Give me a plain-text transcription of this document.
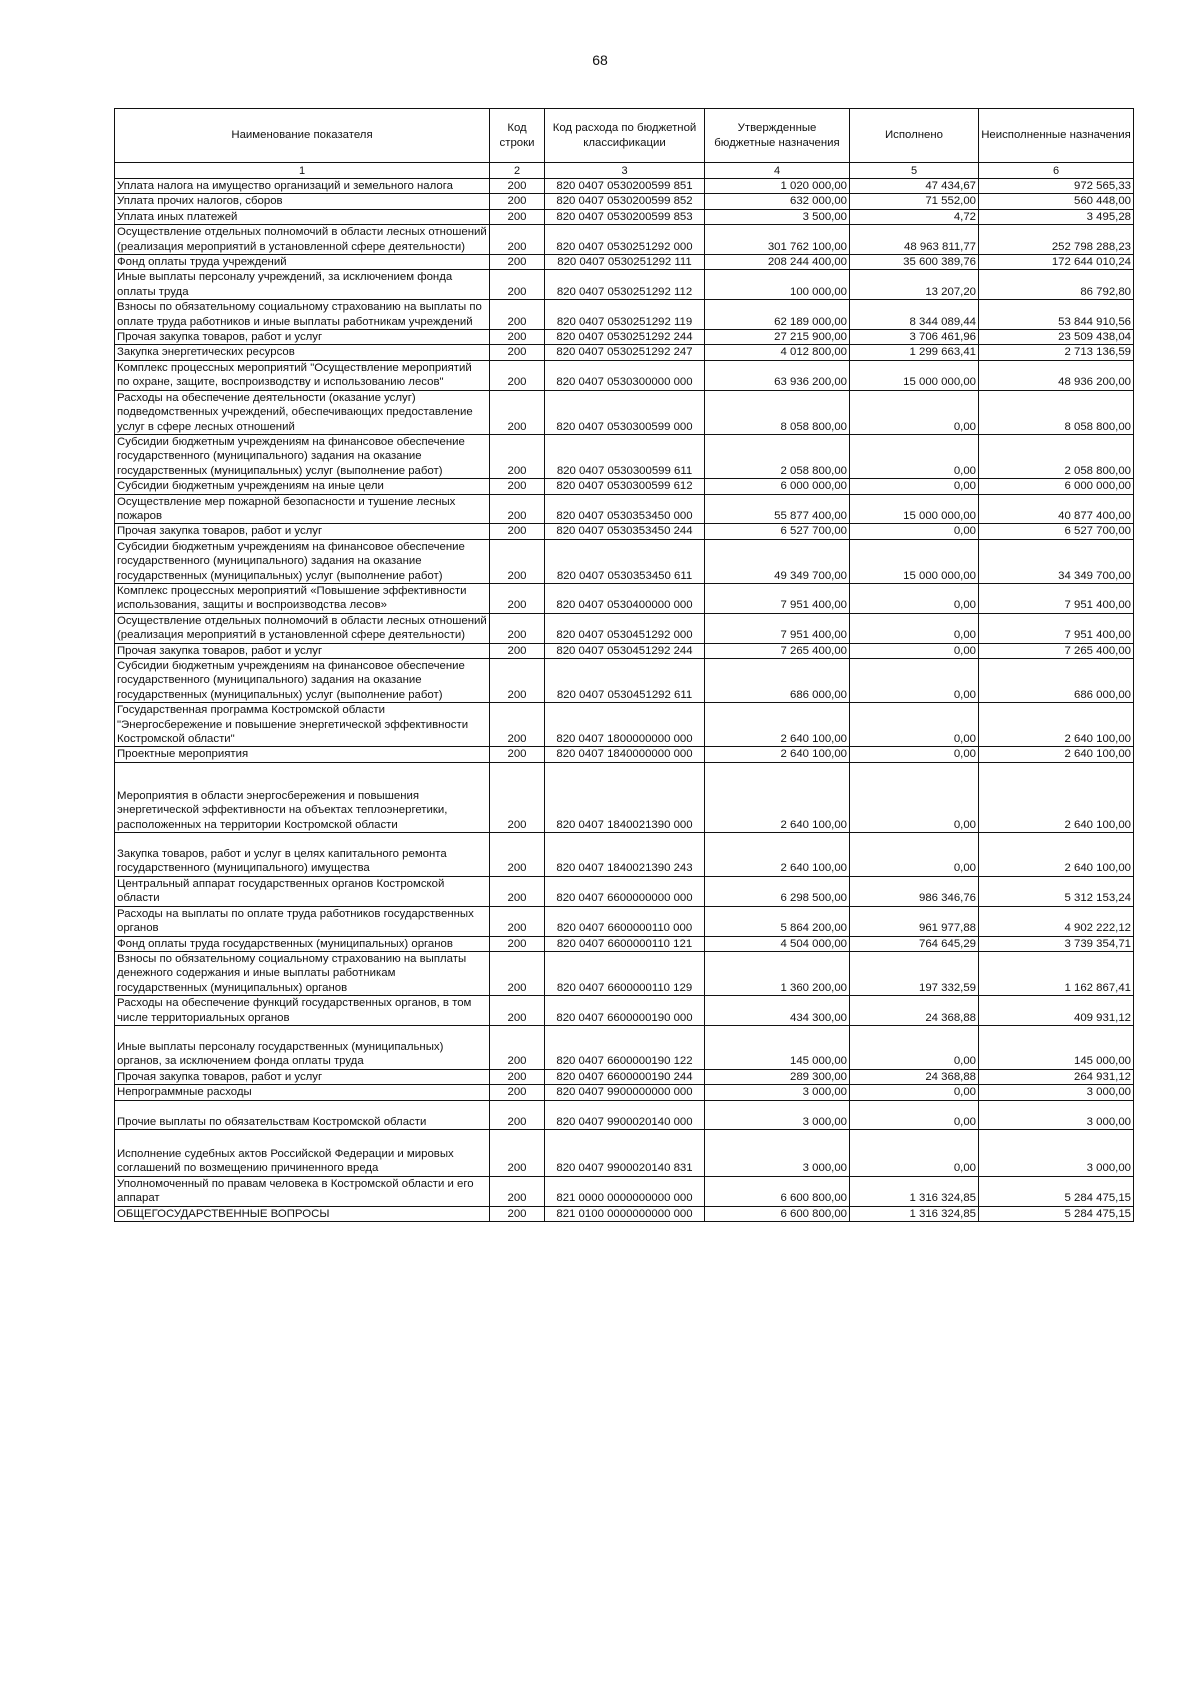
68
Наименование показателя	Код строки	Код расхода по бюджетной классификации	Утвержденные бюджетные назначения	Исполнено	Неисполненные назначения
1	2	3	4	5	6
Уплата налога на имущество организаций и земельного налога	200	820 0407 0530200599 851	1 020 000,00	47 434,67	972 565,33
Уплата прочих налогов, сборов	200	820 0407 0530200599 852	632 000,00	71 552,00	560 448,00
Уплата иных платежей	200	820 0407 0530200599 853	3 500,00	4,72	3 495,28
Осуществление отдельных полномочий в области лесных отношений (реализация мероприятий в установленной сфере деятельности)	200	820 0407 0530251292 000	301 762 100,00	48 963 811,77	252 798 288,23
Фонд оплаты труда учреждений	200	820 0407 0530251292 111	208 244 400,00	35 600 389,76	172 644 010,24
Иные выплаты персоналу учреждений, за исключением фонда оплаты труда	200	820 0407 0530251292 112	100 000,00	13 207,20	86 792,80
Взносы по обязательному социальному страхованию на выплаты по оплате труда работников и иные выплаты работникам учреждений	200	820 0407 0530251292 119	62 189 000,00	8 344 089,44	53 844 910,56
Прочая закупка товаров, работ и услуг	200	820 0407 0530251292 244	27 215 900,00	3 706 461,96	23 509 438,04
Закупка энергетических ресурсов	200	820 0407 0530251292 247	4 012 800,00	1 299 663,41	2 713 136,59
Комплекс процессных мероприятий "Осуществление мероприятий по охране, защите, воспроизводству и использованию лесов"	200	820 0407 0530300000 000	63 936 200,00	15 000 000,00	48 936 200,00
Расходы на обеспечение деятельности (оказание услуг) подведомственных учреждений, обеспечивающих предоставление услуг в сфере лесных отношений	200	820 0407 0530300599 000	8 058 800,00	0,00	8 058 800,00
Субсидии бюджетным учреждениям на финансовое обеспечение государственного (муниципального) задания на оказание государственных (муниципальных) услуг (выполнение работ)	200	820 0407 0530300599 611	2 058 800,00	0,00	2 058 800,00
Субсидии бюджетным учреждениям на иные цели	200	820 0407 0530300599 612	6 000 000,00	0,00	6 000 000,00
Осуществление мер пожарной безопасности и тушение лесных пожаров	200	820 0407 0530353450 000	55 877 400,00	15 000 000,00	40 877 400,00
Прочая закупка товаров, работ и услуг	200	820 0407 0530353450 244	6 527 700,00	0,00	6 527 700,00
Субсидии бюджетным учреждениям на финансовое обеспечение государственного (муниципального) задания на оказание государственных (муниципальных) услуг (выполнение работ)	200	820 0407 0530353450 611	49 349 700,00	15 000 000,00	34 349 700,00
Комплекс процессных мероприятий «Повышение эффективности использования, защиты и воспроизводства лесов»	200	820 0407 0530400000 000	7 951 400,00	0,00	7 951 400,00
Осуществление отдельных полномочий в области лесных отношений (реализация мероприятий в установленной сфере деятельности)	200	820 0407 0530451292 000	7 951 400,00	0,00	7 951 400,00
Прочая закупка товаров, работ и услуг	200	820 0407 0530451292 244	7 265 400,00	0,00	7 265 400,00
Субсидии бюджетным учреждениям на финансовое обеспечение государственного (муниципального) задания на оказание государственных (муниципальных) услуг (выполнение работ)	200	820 0407 0530451292 611	686 000,00	0,00	686 000,00
Государственная программа Костромской области "Энергосбережение и повышение энергетической эффективности Костромской области"	200	820 0407 1800000000 000	2 640 100,00	0,00	2 640 100,00
Проектные мероприятия	200	820 0407 1840000000 000	2 640 100,00	0,00	2 640 100,00
Мероприятия в области энергосбережения и повышения энергетической эффективности на объектах теплоэнергетики, расположенных на территории Костромской области	200	820 0407 1840021390 000	2 640 100,00	0,00	2 640 100,00
Закупка товаров, работ и услуг в целях капитального ремонта государственного (муниципального) имущества	200	820 0407 1840021390 243	2 640 100,00	0,00	2 640 100,00
Центральный аппарат государственных органов Костромской области	200	820 0407 6600000000 000	6 298 500,00	986 346,76	5 312 153,24
Расходы на выплаты по оплате труда работников государственных органов	200	820 0407 6600000110 000	5 864 200,00	961 977,88	4 902 222,12
Фонд оплаты труда государственных (муниципальных) органов	200	820 0407 6600000110 121	4 504 000,00	764 645,29	3 739 354,71
Взносы по обязательному социальному страхованию на выплаты денежного содержания и иные выплаты работникам государственных (муниципальных) органов	200	820 0407 6600000110 129	1 360 200,00	197 332,59	1 162 867,41
Расходы на обеспечение функций государственных органов, в том числе территориальных органов	200	820 0407 6600000190 000	434 300,00	24 368,88	409 931,12
Иные выплаты персоналу государственных (муниципальных) органов, за исключением фонда оплаты труда	200	820 0407 6600000190 122	145 000,00	0,00	145 000,00
Прочая закупка товаров, работ и услуг	200	820 0407 6600000190 244	289 300,00	24 368,88	264 931,12
Непрограммные расходы	200	820 0407 9900000000 000	3 000,00	0,00	3 000,00
Прочие выплаты по обязательствам Костромской области	200	820 0407 9900020140 000	3 000,00	0,00	3 000,00
Исполнение судебных актов Российской Федерации и мировых соглашений по возмещению причиненного вреда	200	820 0407 9900020140 831	3 000,00	0,00	3 000,00
Уполномоченный по правам человека в Костромской области и его аппарат	200	821 0000 0000000000 000	6 600 800,00	1 316 324,85	5 284 475,15
ОБЩЕГОСУДАРСТВЕННЫЕ ВОПРОСЫ	200	821 0100 0000000000 000	6 600 800,00	1 316 324,85	5 284 475,15
